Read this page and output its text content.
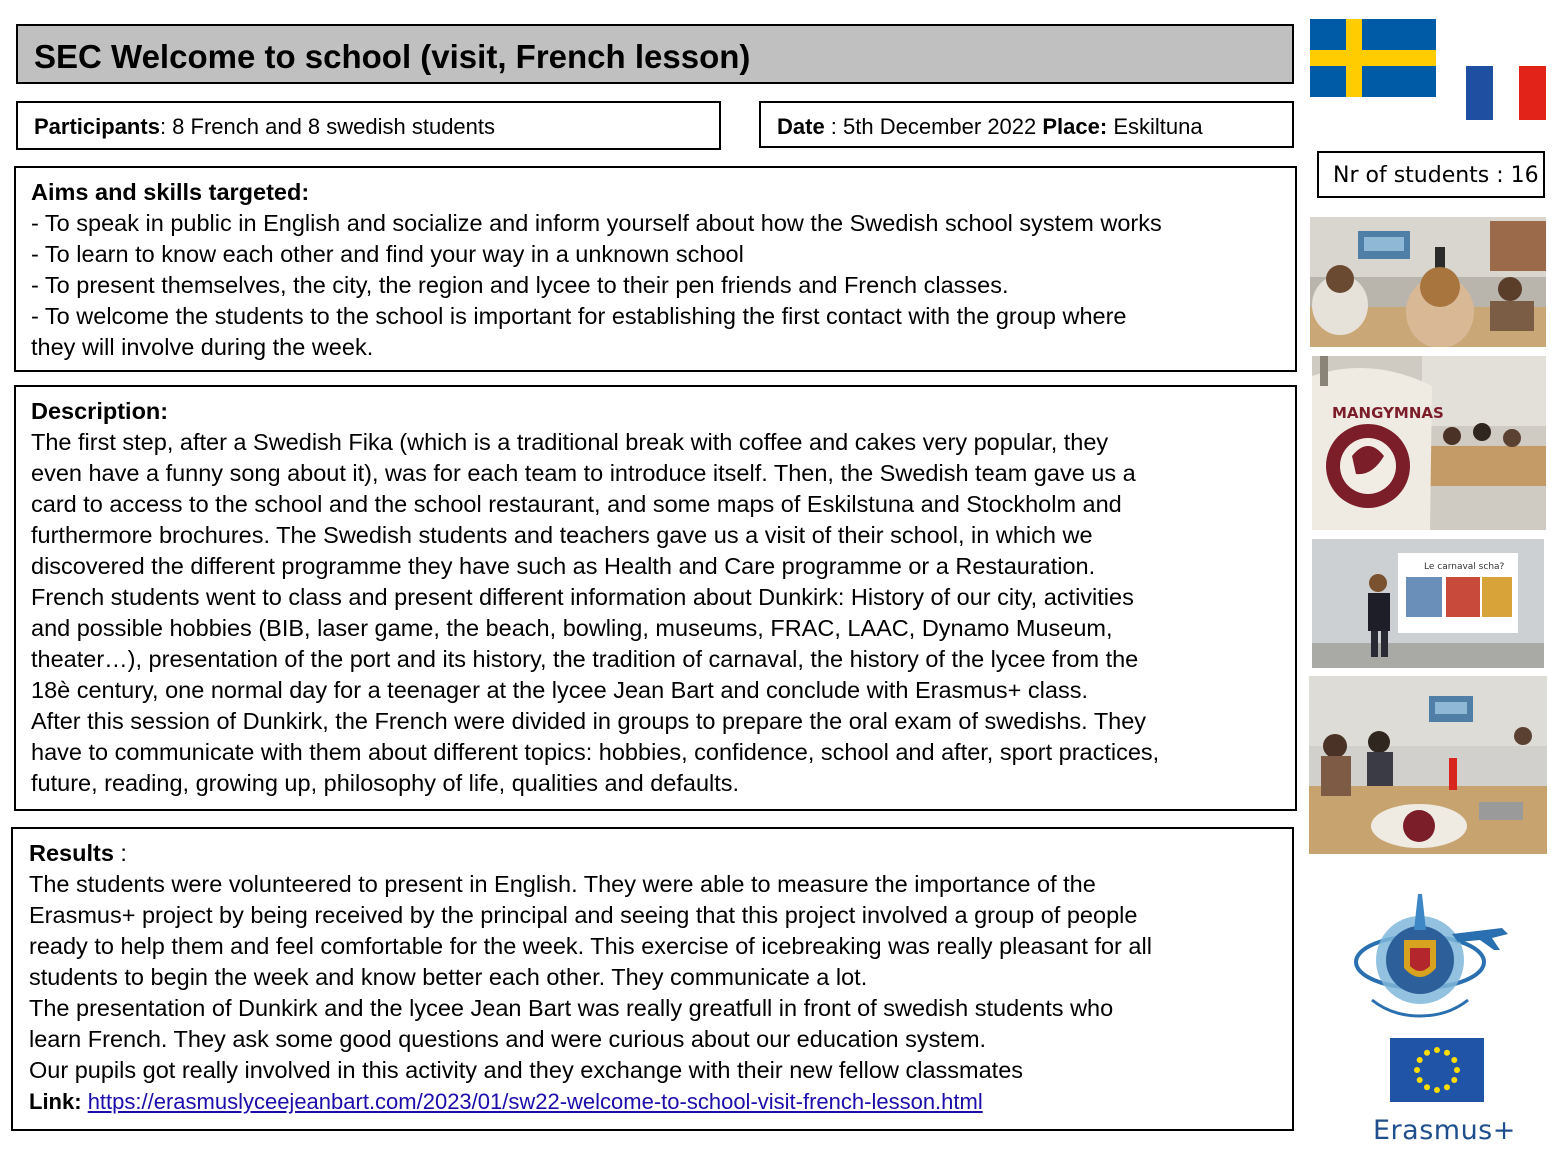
SEC Welcome to school (visit, French lesson)
Participants: 8 French and 8 swedish students	Date : 5th December 2022 Place: Eskiltuna
Nr of students : 16
Aims and skills targeted:
- To speak in public in English and socialize and inform yourself about how the Swedish school system works
- To learn to know each other and find your way in a unknown school
- To present themselves, the city, the region and lycee to their pen friends and French classes.
- To welcome the students to the school is important for establishing the first contact with the group where
they will involve during the week.
Description:
The first step, after a Swedish Fika (which is a traditional break with coffee and cakes very popular, they
even have a funny song about it), was for each team to introduce itself. Then, the Swedish team gave us a
card to access to the school and the school restaurant, and some maps of Eskilstuna and Stockholm and
furthermore brochures. The Swedish students and teachers gave us a visit of their school, in which we
discovered the different programme they have such as Health and Care programme or a Restauration.
French students went to class and present different information about Dunkirk: History of our city, activities
and possible hobbies (BIB, laser game, the beach, bowling, museums, FRAC, LAAC, Dynamo Museum,
theater…), presentation of the port and its history, the tradition of carnaval, the history of the lycee from the
18è century, one normal day for a teenager at the lycee Jean Bart and conclude with Erasmus+ class.
After this session of Dunkirk, the French were divided in groups to prepare the oral exam of swedishs. They
have to communicate with them about different topics: hobbies, confidence, school and after, sport practices,
future, reading, growing up, philosophy of life, qualities and defaults.
Results :
The students were volunteered to present in English. They were able to measure the importance of the
Erasmus+ project by being received by the principal and seeing that this project involved a group of people
ready to help them and feel comfortable for the week. This exercise of icebreaking was really pleasant for all
students to begin the week and know better each other. They communicate a lot.
The presentation of Dunkirk and the lycee Jean Bart was really greatfull in front of swedish students who
learn French. They ask some good questions and were curious about our education system.
Our pupils got really involved in this activity and they exchange with their new fellow classmates
Link: https://erasmuslyceejeanbart.com/2023/01/sw22-welcome-to-school-visit-french-lesson.html
MANGYMNAS
Le carnaval scha?
Erasmus+
